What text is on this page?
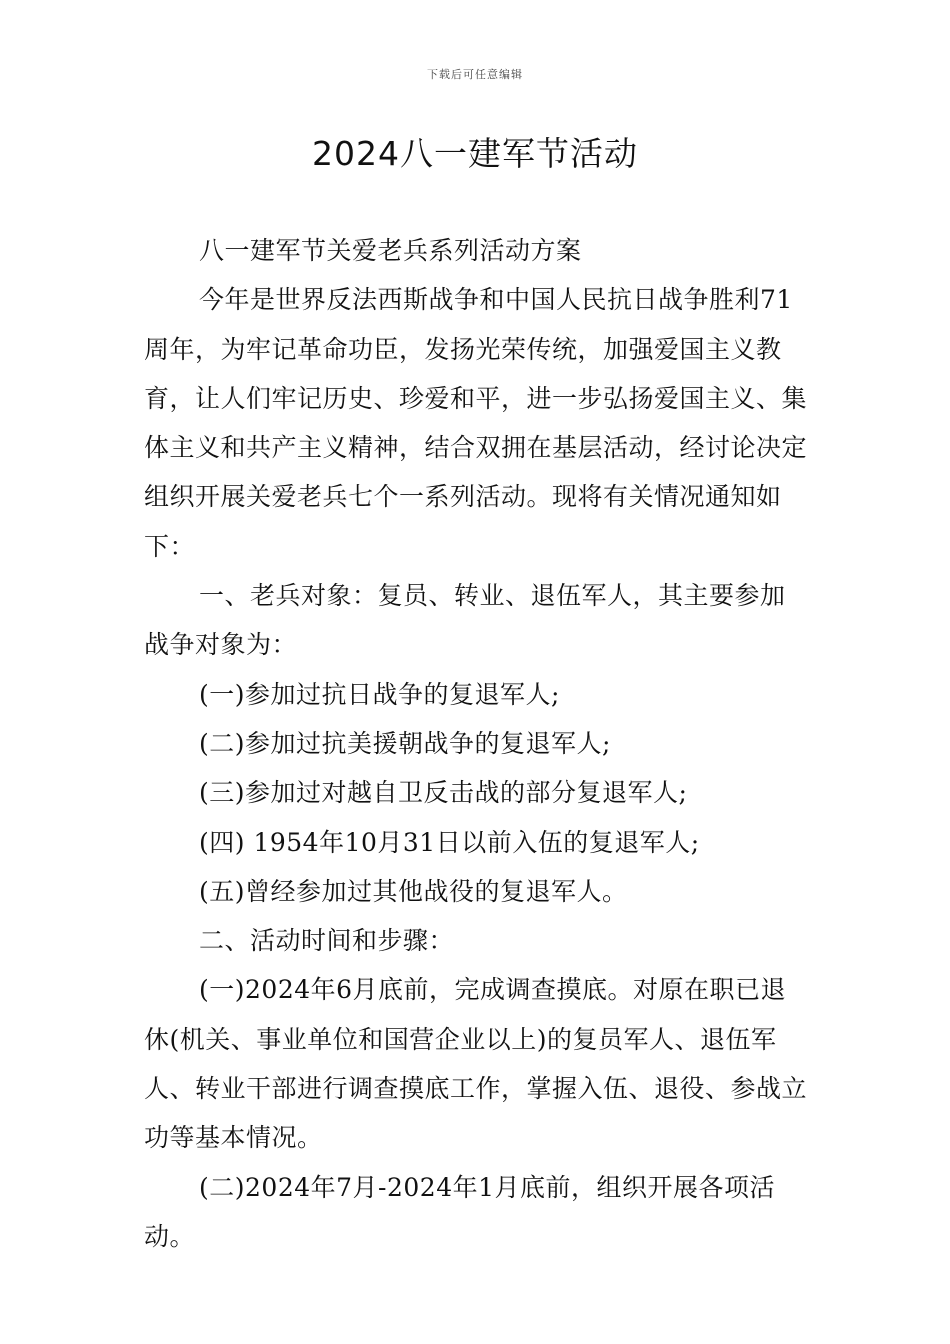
下载后可任意编辑
2024八一建军节活动

八一建军节关爱老兵系列活动方案

今年是世界反法西斯战争和中国人民抗日战争胜利71周年，为牢记革命功臣，发扬光荣传统，加强爱国主义教育，让人们牢记历史、珍爱和平，进一步弘扬爱国主义、集体主义和共产主义精神，结合双拥在基层活动，经讨论决定组织开展关爱老兵七个一系列活动。现将有关情况通知如下：

一、老兵对象：复员、转业、退伍军人，其主要参加战争对象为：

(一)参加过抗日战争的复退军人;

(二)参加过抗美援朝战争的复退军人;

(三)参加过对越自卫反击战的部分复退军人;

(四) 1954年10月31日以前入伍的复退军人;

(五)曾经参加过其他战役的复退军人。

二、活动时间和步骤：

(一)2024年6月底前，完成调查摸底。对原在职已退休(机关、事业单位和国营企业以上)的复员军人、退伍军人、转业干部进行调查摸底工作，掌握入伍、退役、参战立功等基本情况。

(二)2024年7月-2024年1月底前，组织开展各项活动。
